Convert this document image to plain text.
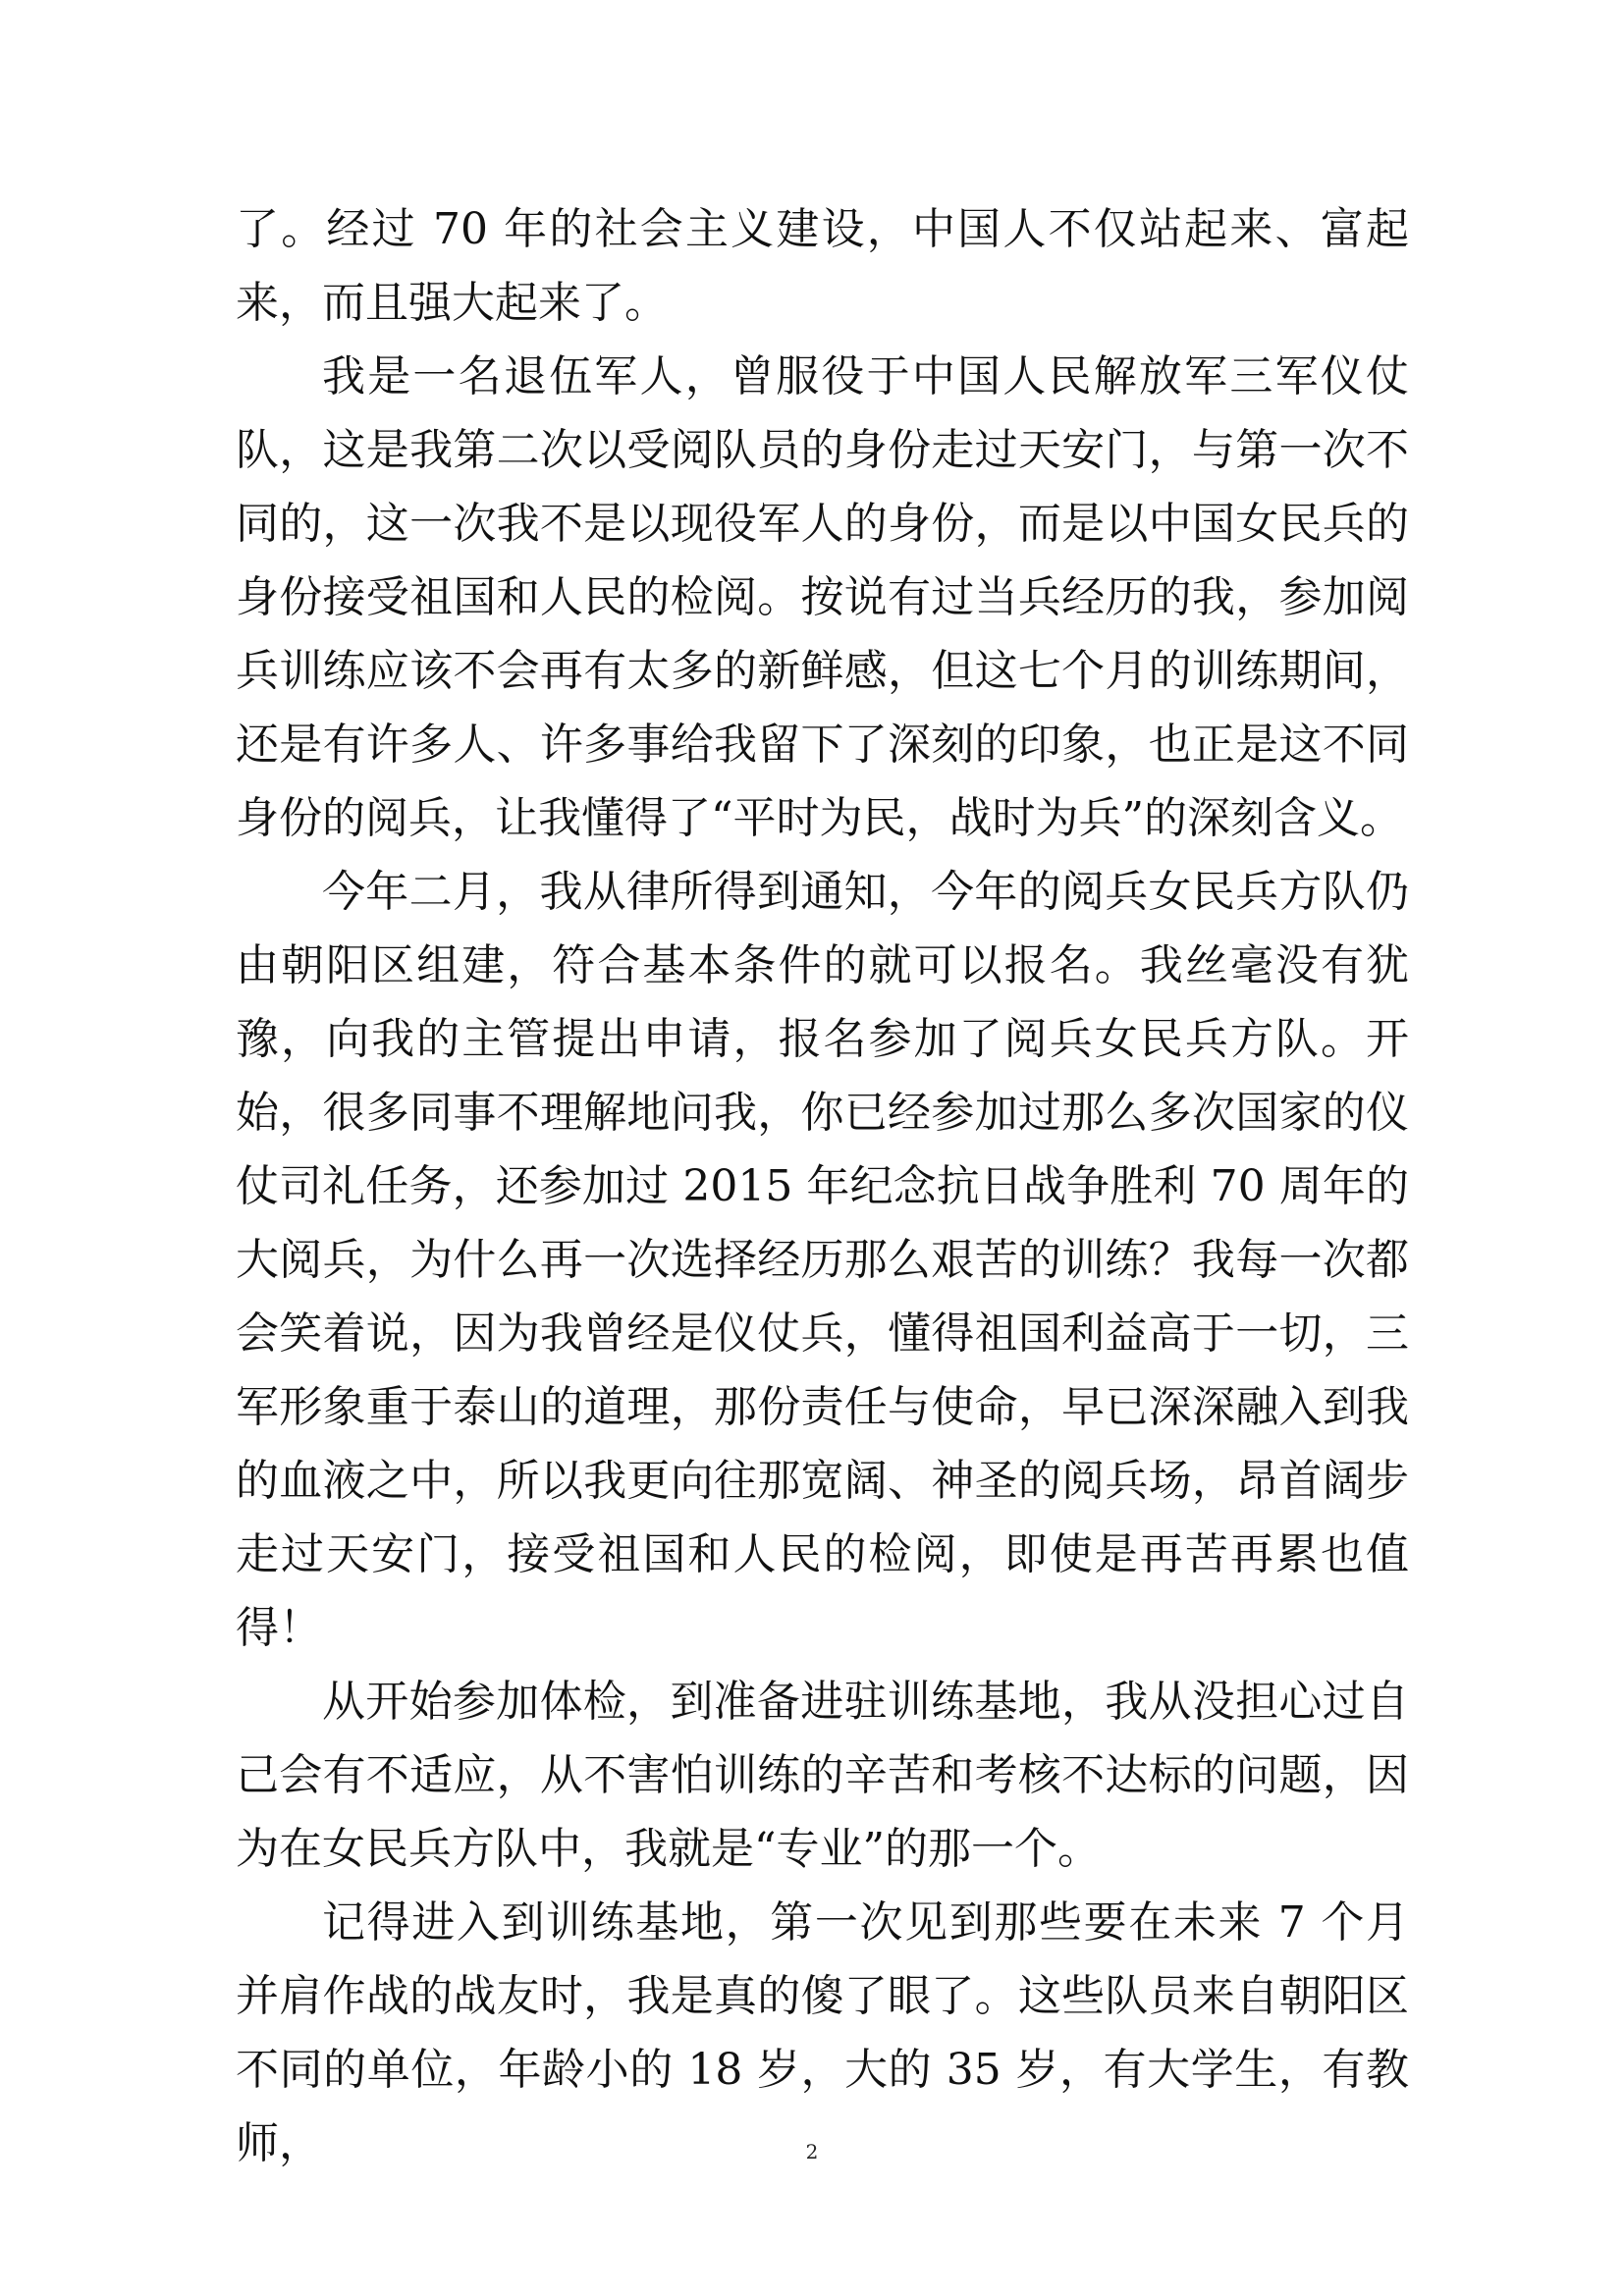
了。经过 70 年的社会主义建设，中国人不仅站起来、富起来，而且强大起来了。

我是一名退伍军人，曾服役于中国人民解放军三军仪仗队，这是我第二次以受阅队员的身份走过天安门，与第一次不同的，这一次我不是以现役军人的身份，而是以中国女民兵的身份接受祖国和人民的检阅。按说有过当兵经历的我，参加阅兵训练应该不会再有太多的新鲜感，但这七个月的训练期间，还是有许多人、许多事给我留下了深刻的印象，也正是这不同身份的阅兵，让我懂得了“平时为民，战时为兵”的深刻含义。

今年二月，我从律所得到通知，今年的阅兵女民兵方队仍由朝阳区组建，符合基本条件的就可以报名。我丝毫没有犹豫，向我的主管提出申请，报名参加了阅兵女民兵方队。开始，很多同事不理解地问我，你已经参加过那么多次国家的仪仗司礼任务，还参加过 2015 年纪念抗日战争胜利 70 周年的大阅兵，为什么再一次选择经历那么艰苦的训练？我每一次都会笑着说，因为我曾经是仪仗兵，懂得祖国利益高于一切，三军形象重于泰山的道理，那份责任与使命，早已深深融入到我的血液之中，所以我更向往那宽阔、神圣的阅兵场，昂首阔步走过天安门，接受祖国和人民的检阅，即使是再苦再累也值得！

从开始参加体检，到准备进驻训练基地，我从没担心过自己会有不适应，从不害怕训练的辛苦和考核不达标的问题，因为在女民兵方队中，我就是“专业”的那一个。

记得进入到训练基地，第一次见到那些要在未来 7 个月并肩作战的战友时，我是真的傻了眼了。这些队员来自朝阳区不同的单位，年龄小的 18 岁，大的 35 岁，有大学生，有教师，	2
